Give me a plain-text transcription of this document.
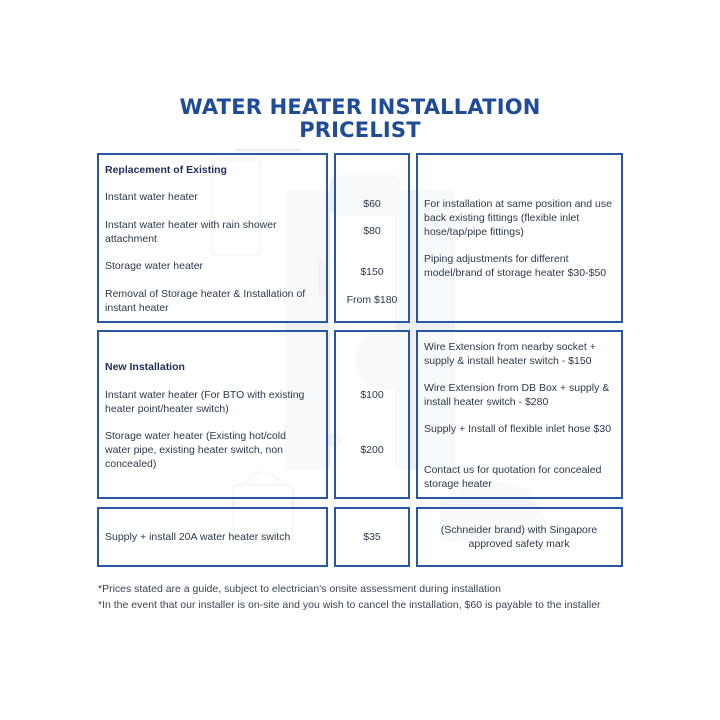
WATER HEATER INSTALLATION
PRICELIST
Replacement of Existing
Instant water heater
Instant water heater with rain shower attachment
Storage water heater
Removal of Storage heater & Installation of instant heater
$60
$80
$150
From $180
For installation at same position and use back existing fittings (flexible inlet hose/tap/pipe fittings)
Piping adjustments for different model/brand of storage heater $30-$50
New Installation
Instant water heater (For BTO with existing heater point/heater switch)
Storage water heater (Existing hot/cold water pipe, existing heater switch, non concealed)
$100
$200
Wire Extension from nearby socket + supply & install heater switch - $150
Wire Extension from DB Box + supply & install heater switch - $280
Supply + Install of flexible inlet hose $30
Contact us for quotation for concealed storage heater
Supply + install 20A water heater switch	$35
(Schneider brand) with Singapore approved safety mark
*Prices stated are a guide, subject to electrician's onsite assessment during installation
*In the event that our installer is on-site and you wish to cancel the installation, $60 is payable to the installer
